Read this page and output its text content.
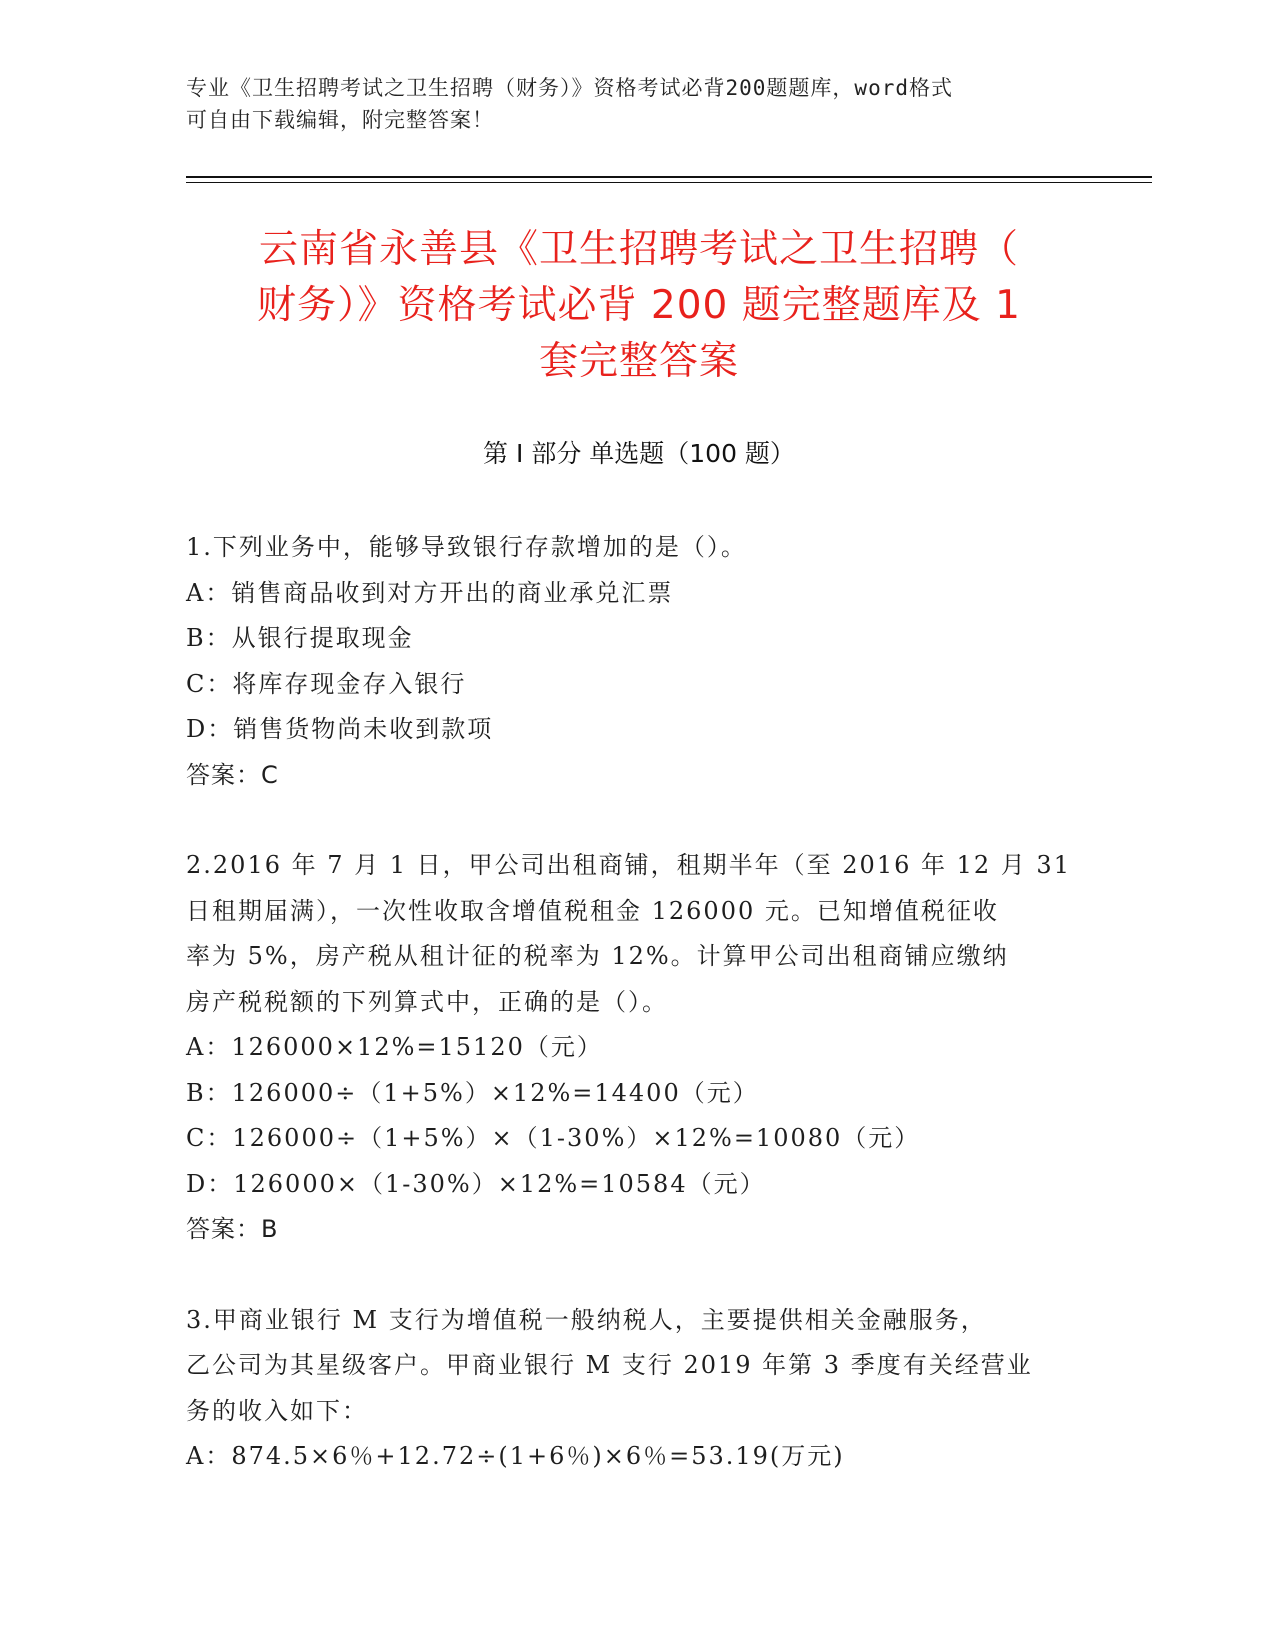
专业《卫生招聘考试之卫生招聘（财务）》资格考试必背200题题库，word格式
可自由下载编辑，附完整答案！
云南省永善县《卫生招聘考试之卫生招聘（
财务）》资格考试必背 200 题完整题库及 1
套完整答案
第 I 部分 单选题（100 题）

1.下列业务中，能够导致银行存款增加的是（）。

A：销售商品收到对方开出的商业承兑汇票

B：从银行提取现金

C：将库存现金存入银行

D：销售货物尚未收到款项

答案：C

2.2016 年 7 月 1 日，甲公司出租商铺，租期半年（至 2016 年 12 月 31

日租期届满），一次性收取含增值税租金 126000 元。已知增值税征收

率为 5%，房产税从租计征的税率为 12%。计算甲公司出租商铺应缴纳

房产税税额的下列算式中，正确的是（）。

A：126000×12%=15120（元）

B：126000÷（1+5%）×12%=14400（元）

C：126000÷（1+5%）×（1-30%）×12%=10080（元）

D：126000×（1-30%）×12%=10584（元）

答案：B

3.甲商业银行 M 支行为增值税一般纳税人，主要提供相关金融服务，

乙公司为其星级客户。甲商业银行 M 支行 2019 年第 3 季度有关经营业

务的收入如下：

A：874.5×6％+12.72÷(1+6％)×6％=53.19(万元)
